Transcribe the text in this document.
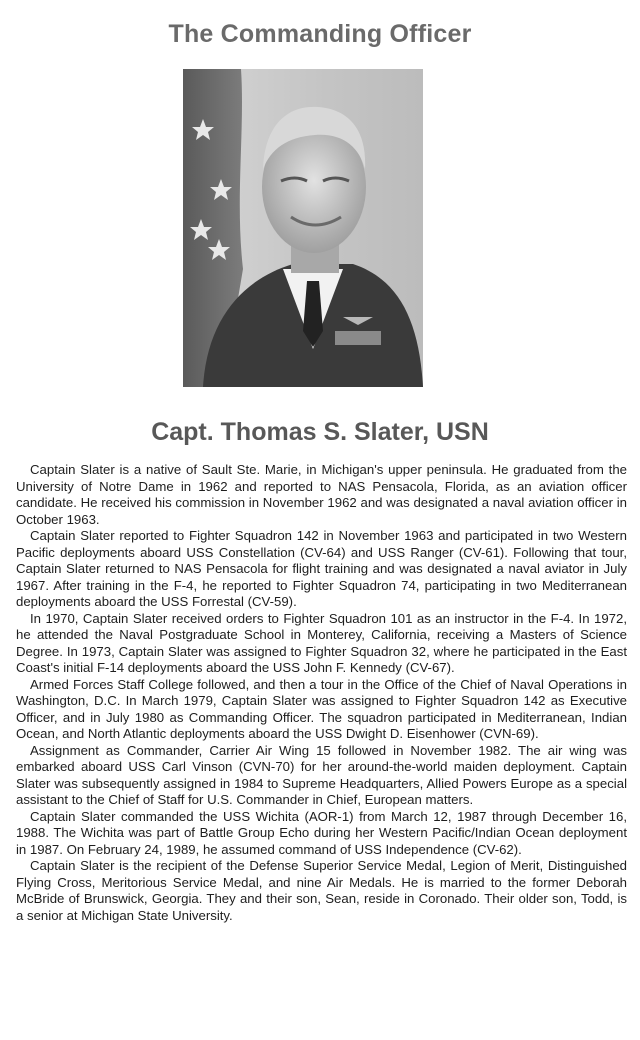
The Commanding Officer
Capt. Thomas S. Slater, USN

Captain Slater is a native of Sault Ste. Marie, in Michigan's upper peninsula. He graduated from the University of Notre Dame in 1962 and reported to NAS Pensacola, Florida, as an aviation officer candidate. He received his commission in November 1962 and was designated a naval aviation officer in October 1963.

Captain Slater reported to Fighter Squadron 142 in November 1963 and participated in two Western Pacific deployments aboard USS Constellation (CV-64) and USS Ranger (CV-61). Following that tour, Captain Slater returned to NAS Pensacola for flight training and was designated a naval aviator in July 1967. After training in the F-4, he reported to Fighter Squadron 74, participating in two Mediterranean deployments aboard the USS Forrestal (CV-59).

In 1970, Captain Slater received orders to Fighter Squadron 101 as an instructor in the F-4. In 1972, he attended the Naval Postgraduate School in Monterey, California, receiving a Masters of Science Degree. In 1973, Captain Slater was assigned to Fighter Squadron 32, where he participated in the East Coast's initial F-14 deployments aboard the USS John F. Kennedy (CV-67).

Armed Forces Staff College followed, and then a tour in the Office of the Chief of Naval Operations in Washington, D.C. In March 1979, Captain Slater was assigned to Fighter Squadron 142 as Executive Officer, and in July 1980 as Commanding Officer. The squadron participated in Mediterranean, Indian Ocean, and North Atlantic deployments aboard the USS Dwight D. Eisenhower (CVN-69).

Assignment as Commander, Carrier Air Wing 15 followed in November 1982. The air wing was embarked aboard USS Carl Vinson (CVN-70) for her around-the-world maiden deployment. Captain Slater was subsequently assigned in 1984 to Supreme Headquarters, Allied Powers Europe as a special assistant to the Chief of Staff for U.S. Commander in Chief, European matters.

Captain Slater commanded the USS Wichita (AOR-1) from March 12, 1987 through December 16, 1988. The Wichita was part of Battle Group Echo during her Western Pacific/Indian Ocean deployment in 1987. On February 24, 1989, he assumed command of USS Independence (CV-62).

Captain Slater is the recipient of the Defense Superior Service Medal, Legion of Merit, Distinguished Flying Cross, Meritorious Service Medal, and nine Air Medals. He is married to the former Deborah McBride of Brunswick, Georgia. They and their son, Sean, reside in Coronado. Their older son, Todd, is a senior at Michigan State University.
